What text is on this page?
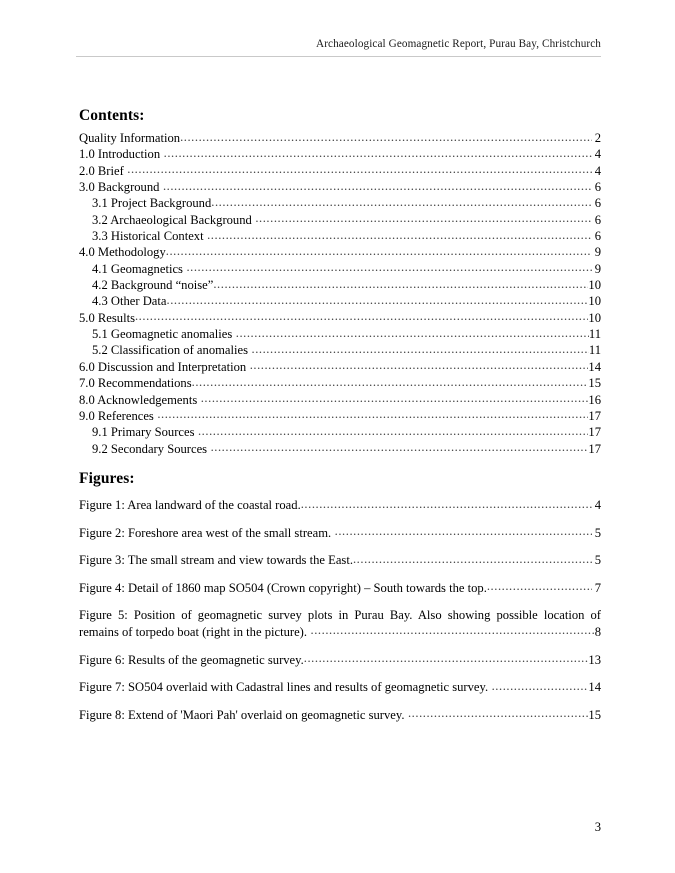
Archaeological Geomagnetic Report, Purau Bay, Christchurch
Contents:
Quality Information .....	2
1.0 Introduction .....	4
2.0 Brief .....	4
3.0 Background .....	6
3.1 Project Background .....	6
3.2 Archaeological Background .....	6
3.3 Historical Context .....	6
4.0 Methodology .....	9
4.1 Geomagnetics .....	9
4.2 Background “noise” .....	10
4.3 Other Data .....	10
5.0 Results .....	10
5.1 Geomagnetic anomalies .....	11
5.2 Classification of anomalies .....	11
6.0 Discussion and Interpretation .....	14
7.0 Recommendations .....	15
8.0 Acknowledgements .....	16
9.0 References .....	17
9.1 Primary Sources .....	17
9.2 Secondary Sources .....	17
Figures:
Figure 1: Area landward of the coastal road. .....	4
Figure 2: Foreshore area west of the small stream. .....	5
Figure 3: The small stream and view towards the East. .....	5
Figure 4: Detail of 1860 map SO504 (Crown copyright) – South towards the top. .....	7
Figure 5: Position of geomagnetic survey plots in Purau Bay. Also showing possible location of
remains of torpedo boat (right in the picture). .....	8
Figure 6: Results of the geomagnetic survey. .....	13
Figure 7: SO504 overlaid with Cadastral lines and results of geomagnetic survey. .....	14
Figure 8: Extend of 'Maori Pah' overlaid on geomagnetic survey. .....	15
3
